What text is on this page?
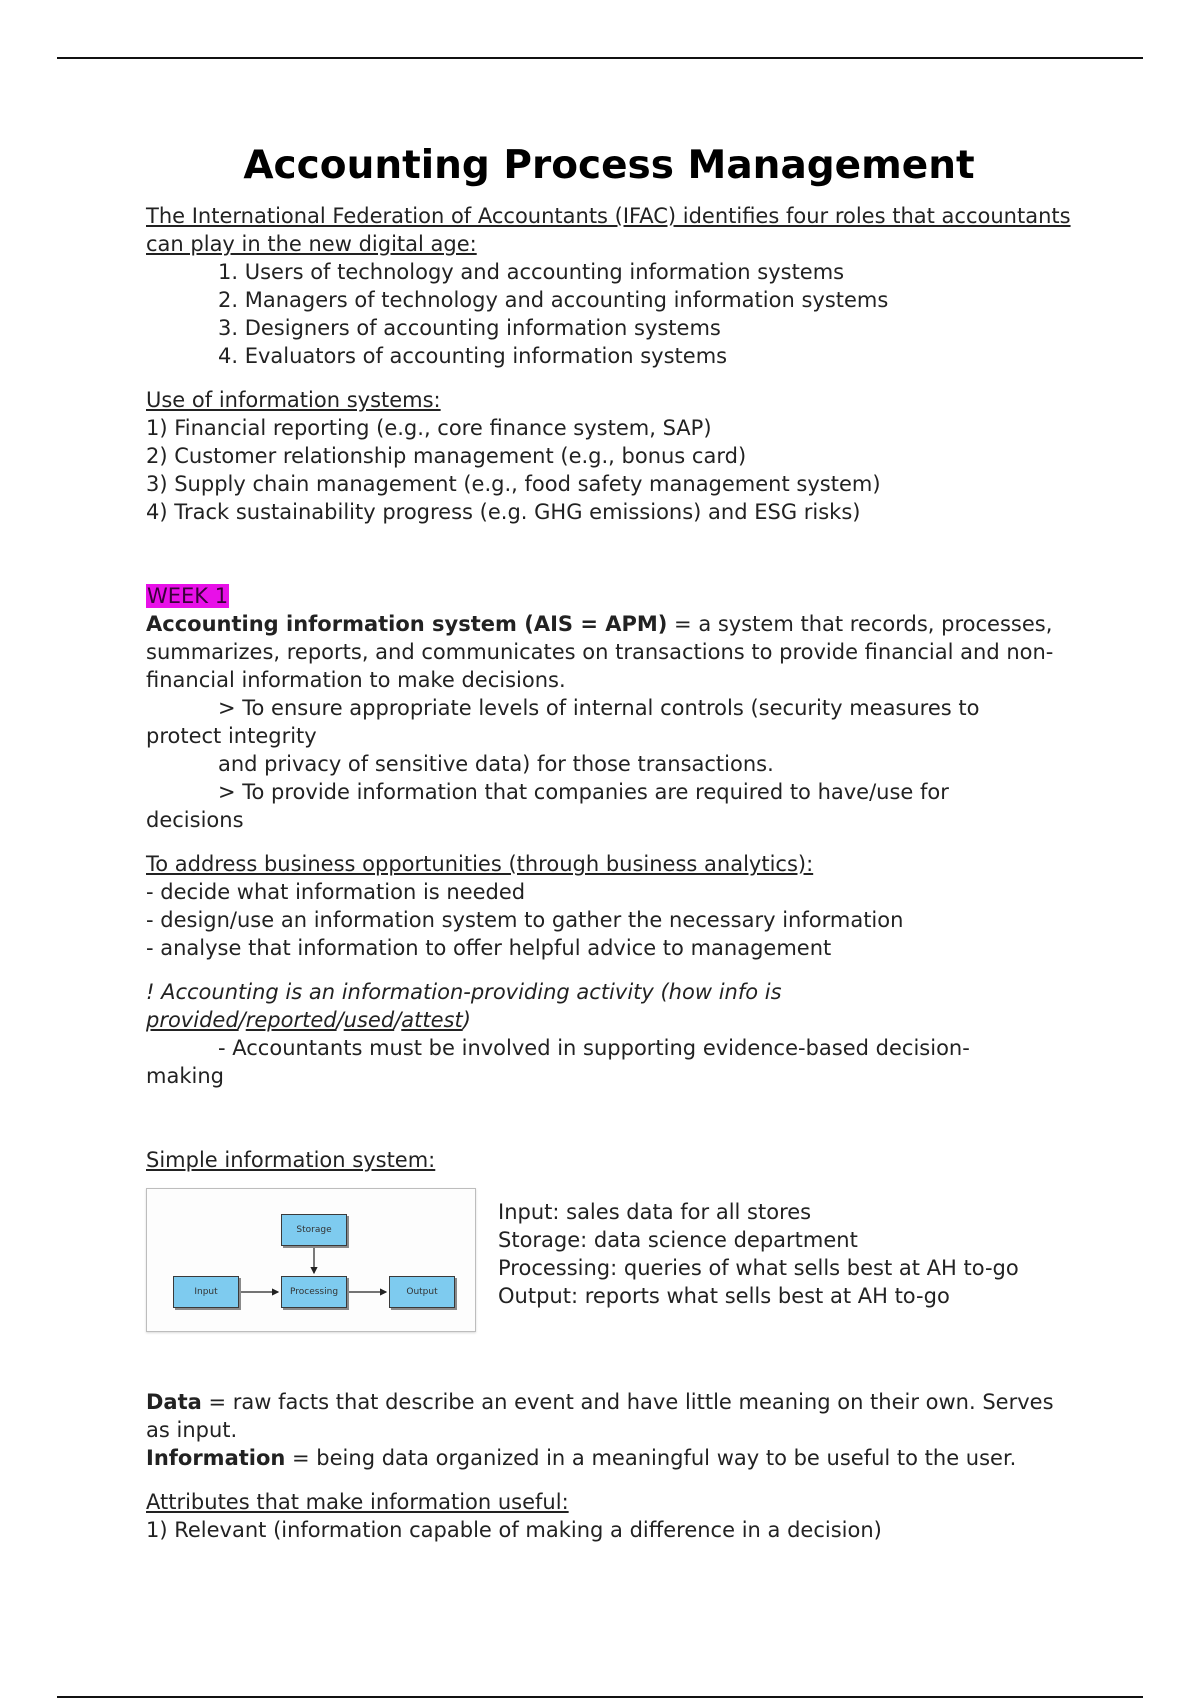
Accounting Process Management

The International Federation of Accountants (IFAC) identifies four roles that accountants can play in the new digital age:

1. Users of technology and accounting information systems
2. Managers of technology and accounting information systems
3. Designers of accounting information systems
4. Evaluators of accounting information systems

Use of information systems:

1) Financial reporting (e.g., core finance system, SAP)

2) Customer relationship management (e.g., bonus card)

3) Supply chain management (e.g., food safety management system)

4) Track sustainability progress (e.g. GHG emissions) and ESG risks)

WEEK 1

Accounting information system (AIS = APM) = a system that records, processes, summarizes, reports, and communicates on transactions to provide financial and non-financial information to make decisions.

> To ensure appropriate levels of internal controls (security measures to

protect integrity

and privacy of sensitive data) for those transactions.

> To provide information that companies are required to have/use for

decisions

To address business opportunities (through business analytics):

- decide what information is needed

- design/use an information system to gather the necessary information

- analyse that information to offer helpful advice to management

! Accounting is an information-providing activity (how info is

provided/reported/used/attest)

- Accountants must be involved in supporting evidence-based decision-

making

Simple information system:

Storage
Input	Processing	Output

Input: sales data for all stores

Storage: data science department

Processing: queries of what sells best at AH to-go

Output: reports what sells best at AH to-go

Data = raw facts that describe an event and have little meaning on their own. Serves as input.

Information = being data organized in a meaningful way to be useful to the user.

Attributes that make information useful:

1) Relevant (information capable of making a difference in a decision)
